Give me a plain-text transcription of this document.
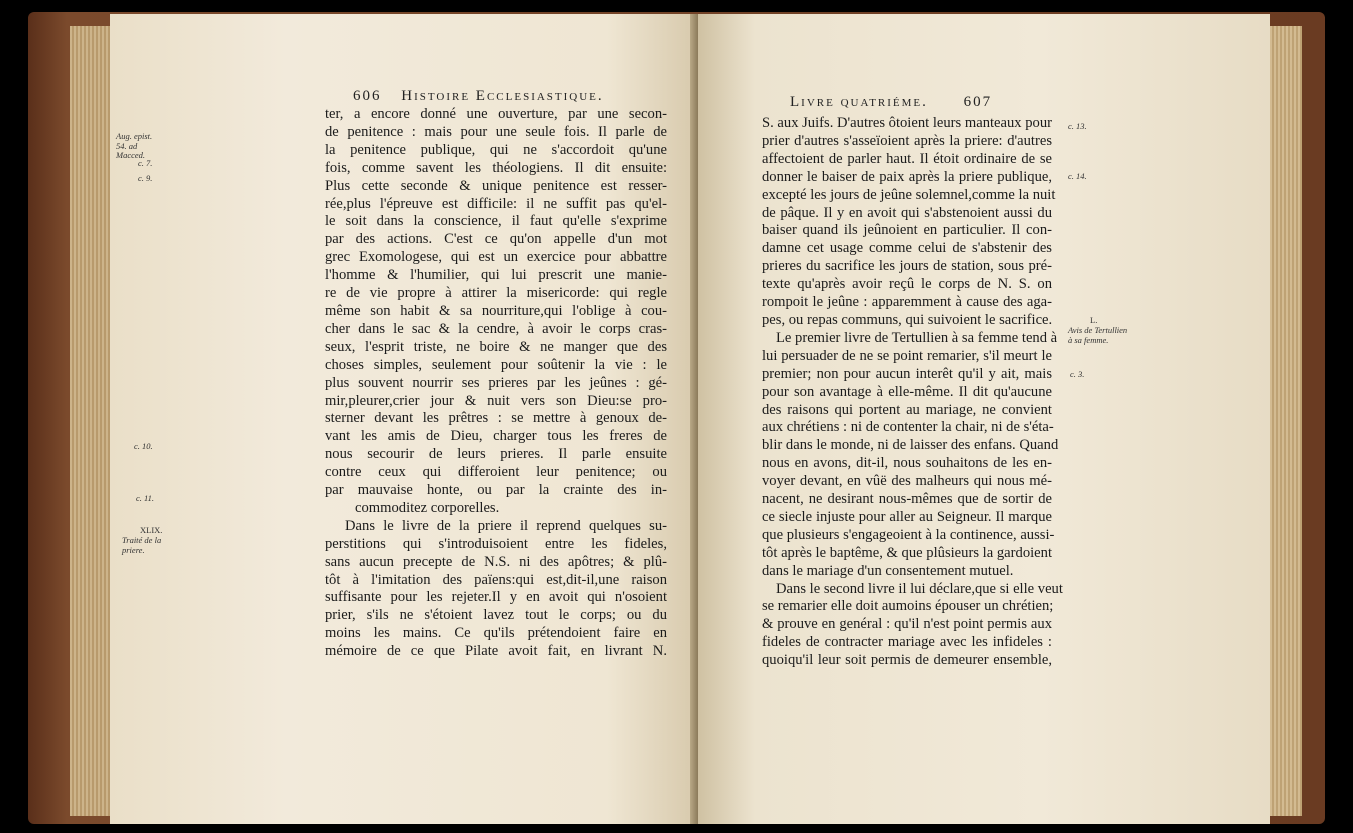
606 Histoire Ecclesiastique.
Aug. epist. 54. ad Macced.
c. 7.
c. 9.
c. 10.
c. 11.
XLIX.
Traité de la priere.
ter, a encore donné une ouverture, par une secon-
de penitence : mais pour une seule fois. Il parle de
la penitence publique, qui ne s'accordoit qu'une
fois, comme savent les théologiens. Il dit ensuite:
Plus cette seconde & unique penitence est resser-
rée,plus l'épreuve est difficile: il ne suffit pas qu'el-
le soit dans la conscience, il faut qu'elle s'exprime
par des actions. C'est ce qu'on appelle d'un mot
grec Exomologese, qui est un exercice pour abbattre
l'homme & l'humilier, qui lui prescrit une manie-
re de vie propre à attirer la misericorde: qui regle
même son habit & sa nourriture,qui l'oblige à cou-
cher dans le sac & la cendre, à avoir le corps cras-
seux, l'esprit triste, ne boire & ne manger que des
choses simples, seulement pour soûtenir la vie : le
plus souvent nourrir ses prieres par les jeûnes : gé-
mir,pleurer,crier jour & nuit vers son Dieu:se pro-
sterner devant les prêtres : se mettre à genoux de-
vant les amis de Dieu, charger tous les freres de
nous secourir de leurs prieres. Il parle ensuite
contre ceux qui differoient leur penitence; ou
par mauvaise honte, ou par la crainte des in-
commoditez corporelles.
Dans le livre de la priere il reprend quelques su-
perstitions qui s'introduisoient entre les fideles,
sans aucun precepte de N.S. ni des apôtres; & plû-
tôt à l'imitation des païens:qui est,dit-il,une raison
suffisante pour les rejeter.Il y en avoit qui n'osoient
prier, s'ils ne s'étoient lavez tout le corps; ou du
moins les mains. Ce qu'ils prétendoient faire en
mémoire de ce que Pilate avoit fait, en livrant N.
Livre quatriéme. 607
S. aux Juifs. D'autres ôtoient leurs manteaux pour
prier d'autres s'asseïoient après la priere: d'autres
affectoient de parler haut. Il étoit ordinaire de se
donner le baiser de paix après la priere publique,
excepté les jours de jeûne solemnel,comme la nuit
de pâque. Il y en avoit qui s'abstenoient aussi du
baiser quand ils jeûnoient en particulier. Il con-
damne cet usage comme celui de s'abstenir des
prieres du sacrifice les jours de station, sous pré-
texte qu'après avoir reçû le corps de N. S. on
rompoit le jeûne : apparemment à cause des aga-
pes, ou repas communs, qui suivoient le sacrifice.
Le premier livre de Tertullien à sa femme tend à
lui persuader de ne se point remarier, s'il meurt le
premier; non pour aucun interêt qu'il y ait, mais
pour son avantage à elle-même. Il dit qu'aucune
des raisons qui portent au mariage, ne convient
aux chrétiens : ni de contenter la chair, ni de s'éta-
blir dans le monde, ni de laisser des enfans. Quand
nous en avons, dit-il, nous souhaitons de les en-
voyer devant, en vûë des malheurs qui nous mé-
nacent, ne desirant nous-mêmes que de sortir de
ce siecle injuste pour aller au Seigneur. Il marque
que plusieurs s'engageoient à la continence, aussi-
tôt après le baptême, & que plûsieurs la gardoient
dans le mariage d'un consentement mutuel.
Dans le second livre il lui déclare,que si elle veut
se remarier elle doit aumoins épouser un chrétien;
& prouve en genéral : qu'il n'est point permis aux
fideles de contracter mariage avec les infideles :
quoiqu'il leur soit permis de demeurer ensemble,
c. 13.
c. 14.
L.
Avis de Tertullien à sa femme.
c. 3.
